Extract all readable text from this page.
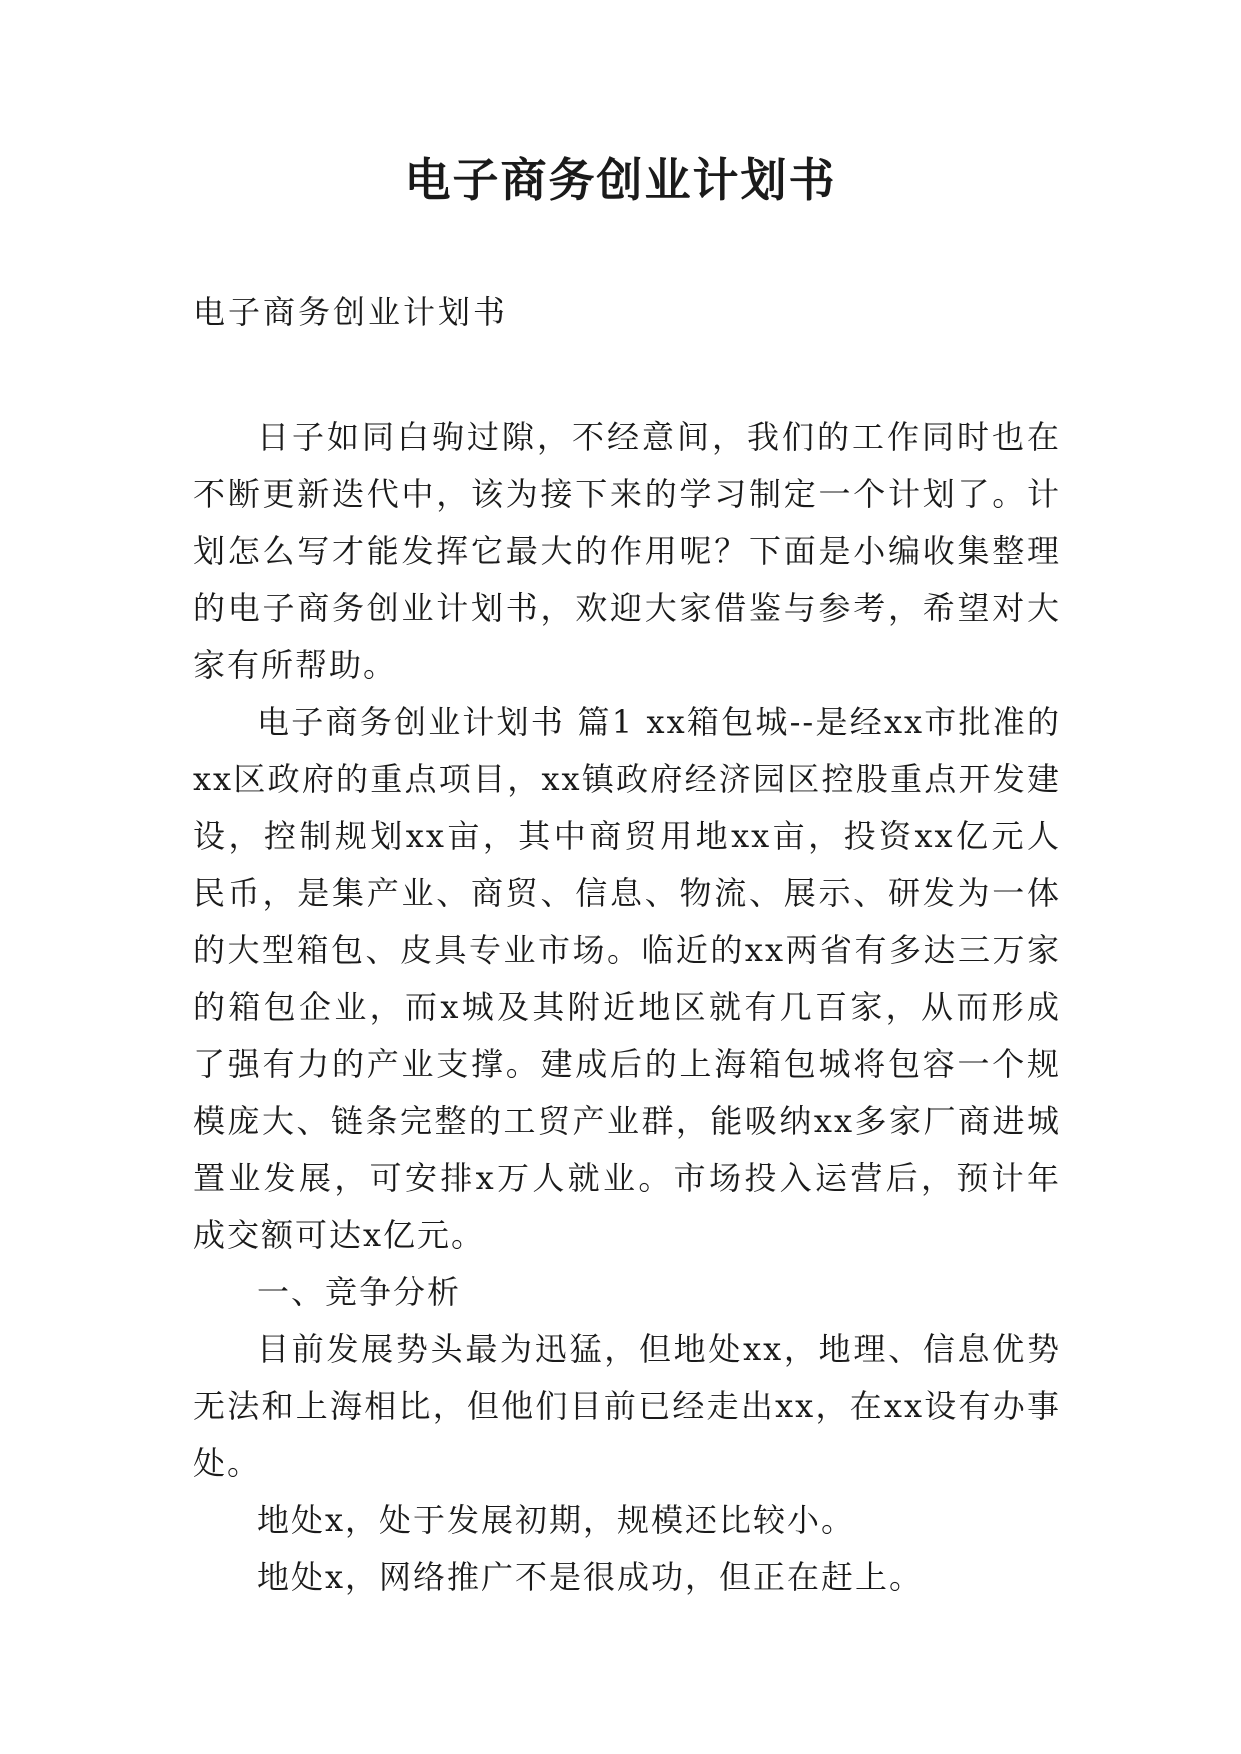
电子商务创业计划书

电子商务创业计划书

日子如同白驹过隙，不经意间，我们的工作同时也在不断更新迭代中，该为接下来的学习制定一个计划了。计划怎么写才能发挥它最大的作用呢？下面是小编收集整理的电子商务创业计划书，欢迎大家借鉴与参考，希望对大家有所帮助。

电子商务创业计划书 篇1 xx箱包城--是经xx市批准的xx区政府的重点项目，xx镇政府经济园区控股重点开发建设，控制规划xx亩，其中商贸用地xx亩，投资xx亿元人民币，是集产业、商贸、信息、物流、展示、研发为一体的大型箱包、皮具专业市场。临近的xx两省有多达三万家的箱包企业，而x城及其附近地区就有几百家，从而形成了强有力的产业支撑。建成后的上海箱包城将包容一个规模庞大、链条完整的工贸产业群，能吸纳xx多家厂商进城置业发展，可安排x万人就业。市场投入运营后，预计年成交额可达x亿元。

一、竞争分析

目前发展势头最为迅猛，但地处xx，地理、信息优势无法和上海相比，但他们目前已经走出xx，在xx设有办事处。

地处x，处于发展初期，规模还比较小。

地处x，网络推广不是很成功，但正在赶上。
